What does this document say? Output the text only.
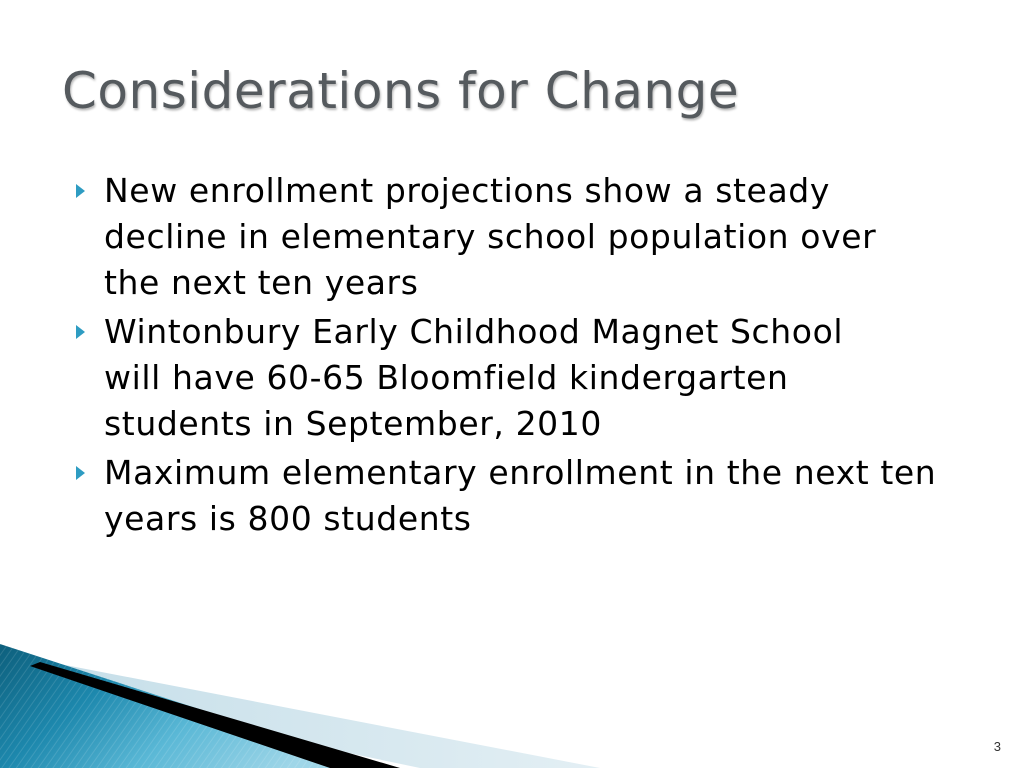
Considerations for Change
New enrollment projections show a steady decline in elementary school population over the next ten years
Wintonbury Early Childhood Magnet School will have 60-65 Bloomfield kindergarten students in September, 2010
Maximum elementary enrollment in the next ten years is 800 students
3
